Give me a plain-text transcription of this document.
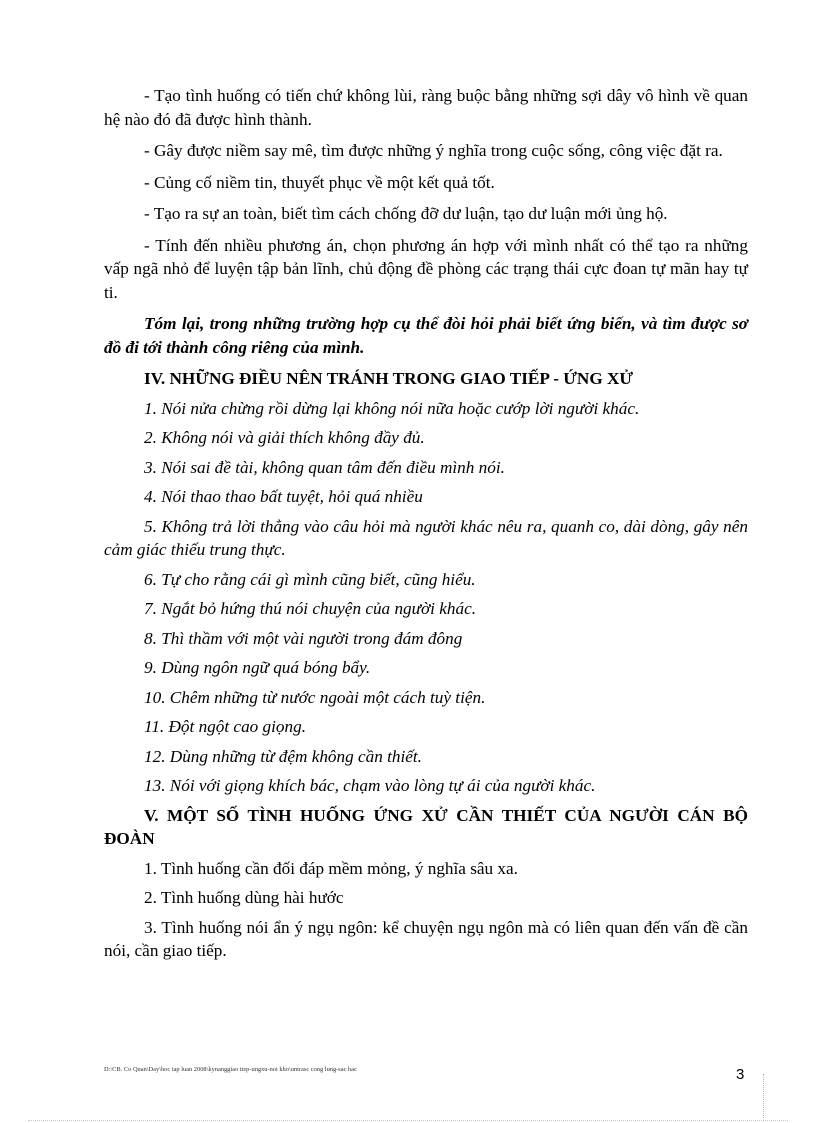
- Tạo tình huống có tiến chứ không lùi, ràng buộc bằng những sợi dây vô hình về quan hệ nào đó đã được hình thành.

- Gây được niềm say mê, tìm được những ý nghĩa trong cuộc sống, công việc đặt ra.

- Củng cố niềm tin, thuyết phục về một kết quả tốt.

- Tạo ra sự an toàn, biết tìm cách chống đỡ dư luận, tạo dư luận mới ủng hộ.

- Tính đến nhiều phương án, chọn phương án hợp với mình nhất có thể tạo ra những vấp ngã nhỏ để luyện tập bản lĩnh, chủ động đề phòng các trạng thái cực đoan tự mãn hay tự ti.

Tóm lại, trong những trường hợp cụ thể đòi hỏi phải biết ứng biến, và tìm được sơ đồ đi tới thành công riêng của mình.

IV. NHỮNG ĐIỀU NÊN TRÁNH TRONG GIAO TIẾP - ỨNG XỬ

1. Nói nửa chừng rồi dừng lại không nói nữa hoặc cướp lời người khác.

2. Không nói và giải thích không đầy đủ.

3. Nói sai đề tài, không quan tâm đến điều mình nói.

4. Nói thao thao bất tuyệt, hỏi quá nhiều

5. Không trả lời thẳng vào câu hỏi mà người khác nêu ra, quanh co, dài dòng, gây nên cảm giác thiếu trung thực.

6. Tự cho rằng cái gì mình cũng biết, cũng hiểu.

7. Ngắt bỏ hứng thú nói chuyện của người khác.

8. Thì thầm với một vài người trong đám đông

9. Dùng ngôn ngữ quá bóng bẩy.

10. Chêm những từ nước ngoài một cách tuỳ tiện.

11. Đột ngột cao giọng.

12. Dùng những từ đệm không cần thiết.

13. Nói với giọng khích bác, chạm vào lòng tự ái của người khác.

V. MỘT SỐ TÌNH HUỐNG ỨNG XỬ CẦN THIẾT CỦA NGƯỜI CÁN BỘ ĐOÀN

1. Tình huống cần đối đáp mềm mỏng, ý nghĩa sâu xa.

2. Tình huống dùng hài hước

3. Tình huống nói ẩn ý ngụ ngôn: kể chuyện ngụ ngôn mà có liên quan đến vấn đề cần nói, cần giao tiếp.

D:\CB. Co Quan\Day\hoc tap luan 2008\kynanggiao tiep-ungxu-noi kho\untrasc cong lung-sac hac	3
